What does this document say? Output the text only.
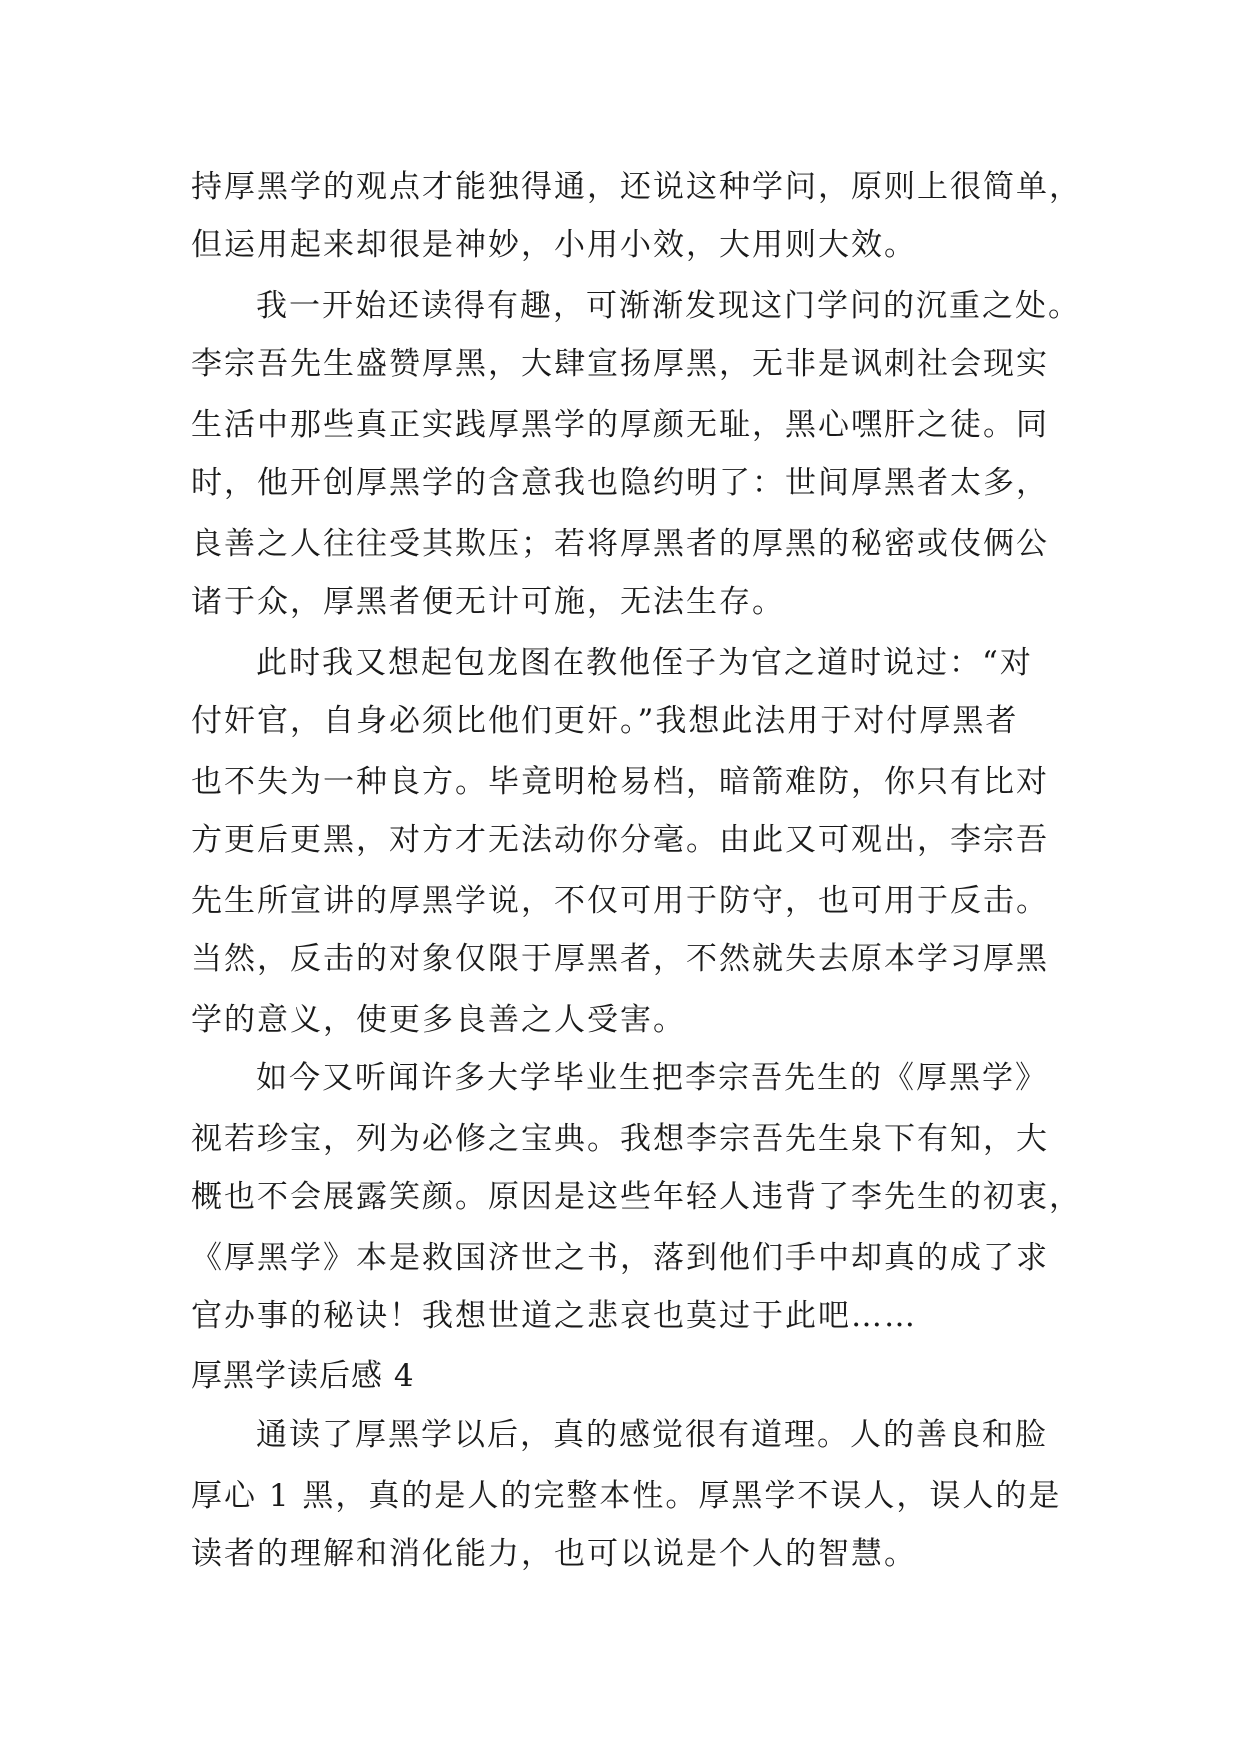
持厚黑学的观点才能独得通，还说这种学问，原则上很简单，
但运用起来却很是神妙，小用小效，大用则大效。
我一开始还读得有趣，可渐渐发现这门学问的沉重之处。
李宗吾先生盛赞厚黑，大肆宣扬厚黑，无非是讽刺社会现实
生活中那些真正实践厚黑学的厚颜无耻，黑心嘿肝之徒。同
时，他开创厚黑学的含意我也隐约明了：世间厚黑者太多，
良善之人往往受其欺压；若将厚黑者的厚黑的秘密或伎俩公
诸于众，厚黑者便无计可施，无法生存。
此时我又想起包龙图在教他侄子为官之道时说过：“对
付奸官，自身必须比他们更奸。”我想此法用于对付厚黑者
也不失为一种良方。毕竟明枪易档，暗箭难防，你只有比对
方更后更黑，对方才无法动你分毫。由此又可观出，李宗吾
先生所宣讲的厚黑学说，不仅可用于防守，也可用于反击。
当然，反击的对象仅限于厚黑者，不然就失去原本学习厚黑
学的意义，使更多良善之人受害。
如今又听闻许多大学毕业生把李宗吾先生的《厚黑学》
视若珍宝，列为必修之宝典。我想李宗吾先生泉下有知，大
概也不会展露笑颜。原因是这些年轻人违背了李先生的初衷，
《厚黑学》本是救国济世之书，落到他们手中却真的成了求
官办事的秘诀！我想世道之悲哀也莫过于此吧……
厚黑学读后感 4
通读了厚黑学以后，真的感觉很有道理。人的善良和脸
厚心 1 黑，真的是人的完整本性。厚黑学不误人，误人的是
读者的理解和消化能力，也可以说是个人的智慧。
